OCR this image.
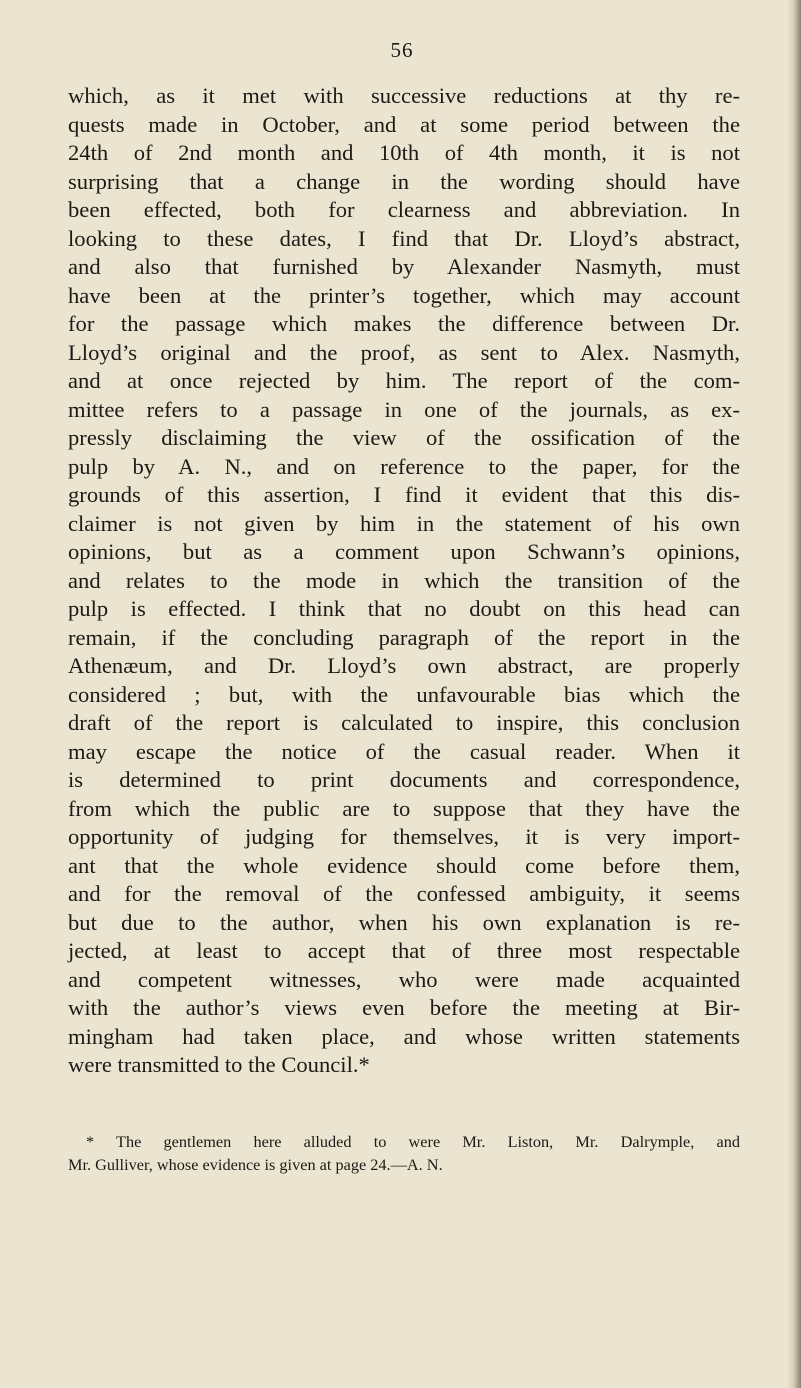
56
which, as it met with successive reductions at thy re-
quests made in October, and at some period between the
24th of 2nd month and 10th of 4th month, it is not
surprising that a change in the wording should have
been effected, both for clearness and abbreviation. In
looking to these dates, I find that Dr. Lloyd’s abstract,
and also that furnished by Alexander Nasmyth, must
have been at the printer’s together, which may account
for the passage which makes the difference between Dr.
Lloyd’s original and the proof, as sent to Alex. Nasmyth,
and at once rejected by him. The report of the com-
mittee refers to a passage in one of the journals, as ex-
pressly disclaiming the view of the ossification of the
pulp by A. N., and on reference to the paper, for the
grounds of this assertion, I find it evident that this dis-
claimer is not given by him in the statement of his own
opinions, but as a comment upon Schwann’s opinions,
and relates to the mode in which the transition of the
pulp is effected. I think that no doubt on this head can
remain, if the concluding paragraph of the report in the
Athenæum, and Dr. Lloyd’s own abstract, are properly
considered ; but, with the unfavourable bias which the
draft of the report is calculated to inspire, this conclusion
may escape the notice of the casual reader. When it
is determined to print documents and correspondence,
from which the public are to suppose that they have the
opportunity of judging for themselves, it is very import-
ant that the whole evidence should come before them,
and for the removal of the confessed ambiguity, it seems
but due to the author, when his own explanation is re-
jected, at least to accept that of three most respectable
and competent witnesses, who were made acquainted
with the author’s views even before the meeting at Bir-
mingham had taken place, and whose written statements
were transmitted to the Council.*
* The gentlemen here alluded to were Mr. Liston, Mr. Dalrymple, and
Mr. Gulliver, whose evidence is given at page 24.—A. N.
